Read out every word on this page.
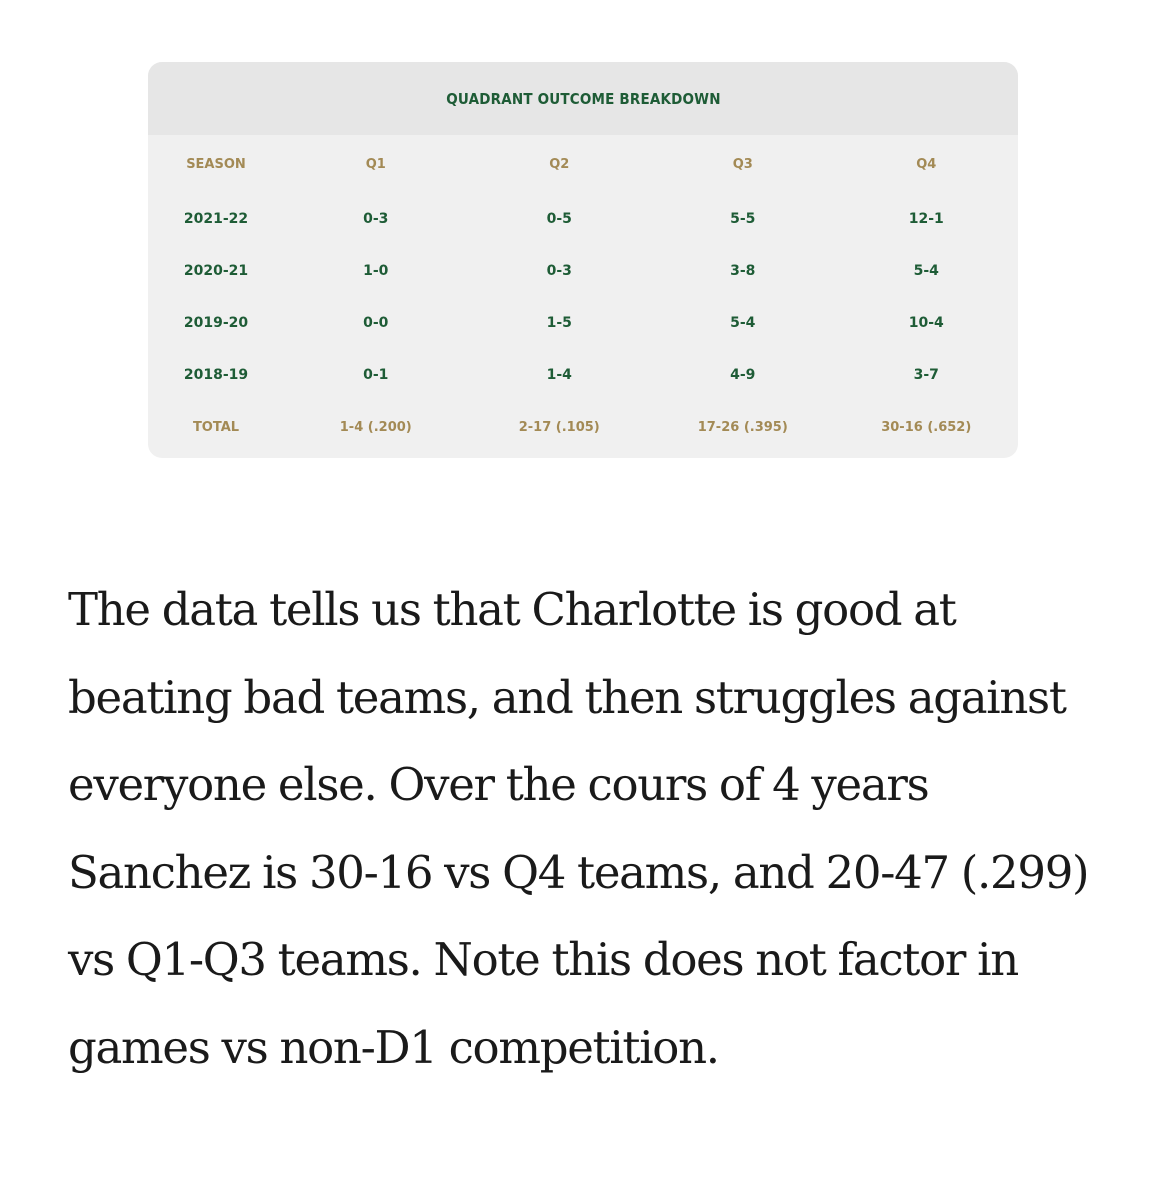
QUADRANT OUTCOME BREAKDOWN
SEASON	Q1	Q2	Q3	Q4
2021-22	0-3	0-5	5-5	12-1
2020-21	1-0	0-3	3-8	5-4
2019-20	0-0	1-5	5-4	10-4
2018-19	0-1	1-4	4-9	3-7
TOTAL	1-4 (.200)	2-17 (.105)	17-26 (.395)	30-16 (.652)

The data tells us that Charlotte is good at beating bad teams, and then struggles against everyone else. Over the cours of 4 years Sanchez is 30-16 vs Q4 teams, and 20-47 (.299) vs Q1-Q3 teams. Note this does not factor in games vs non-D1 competition.
